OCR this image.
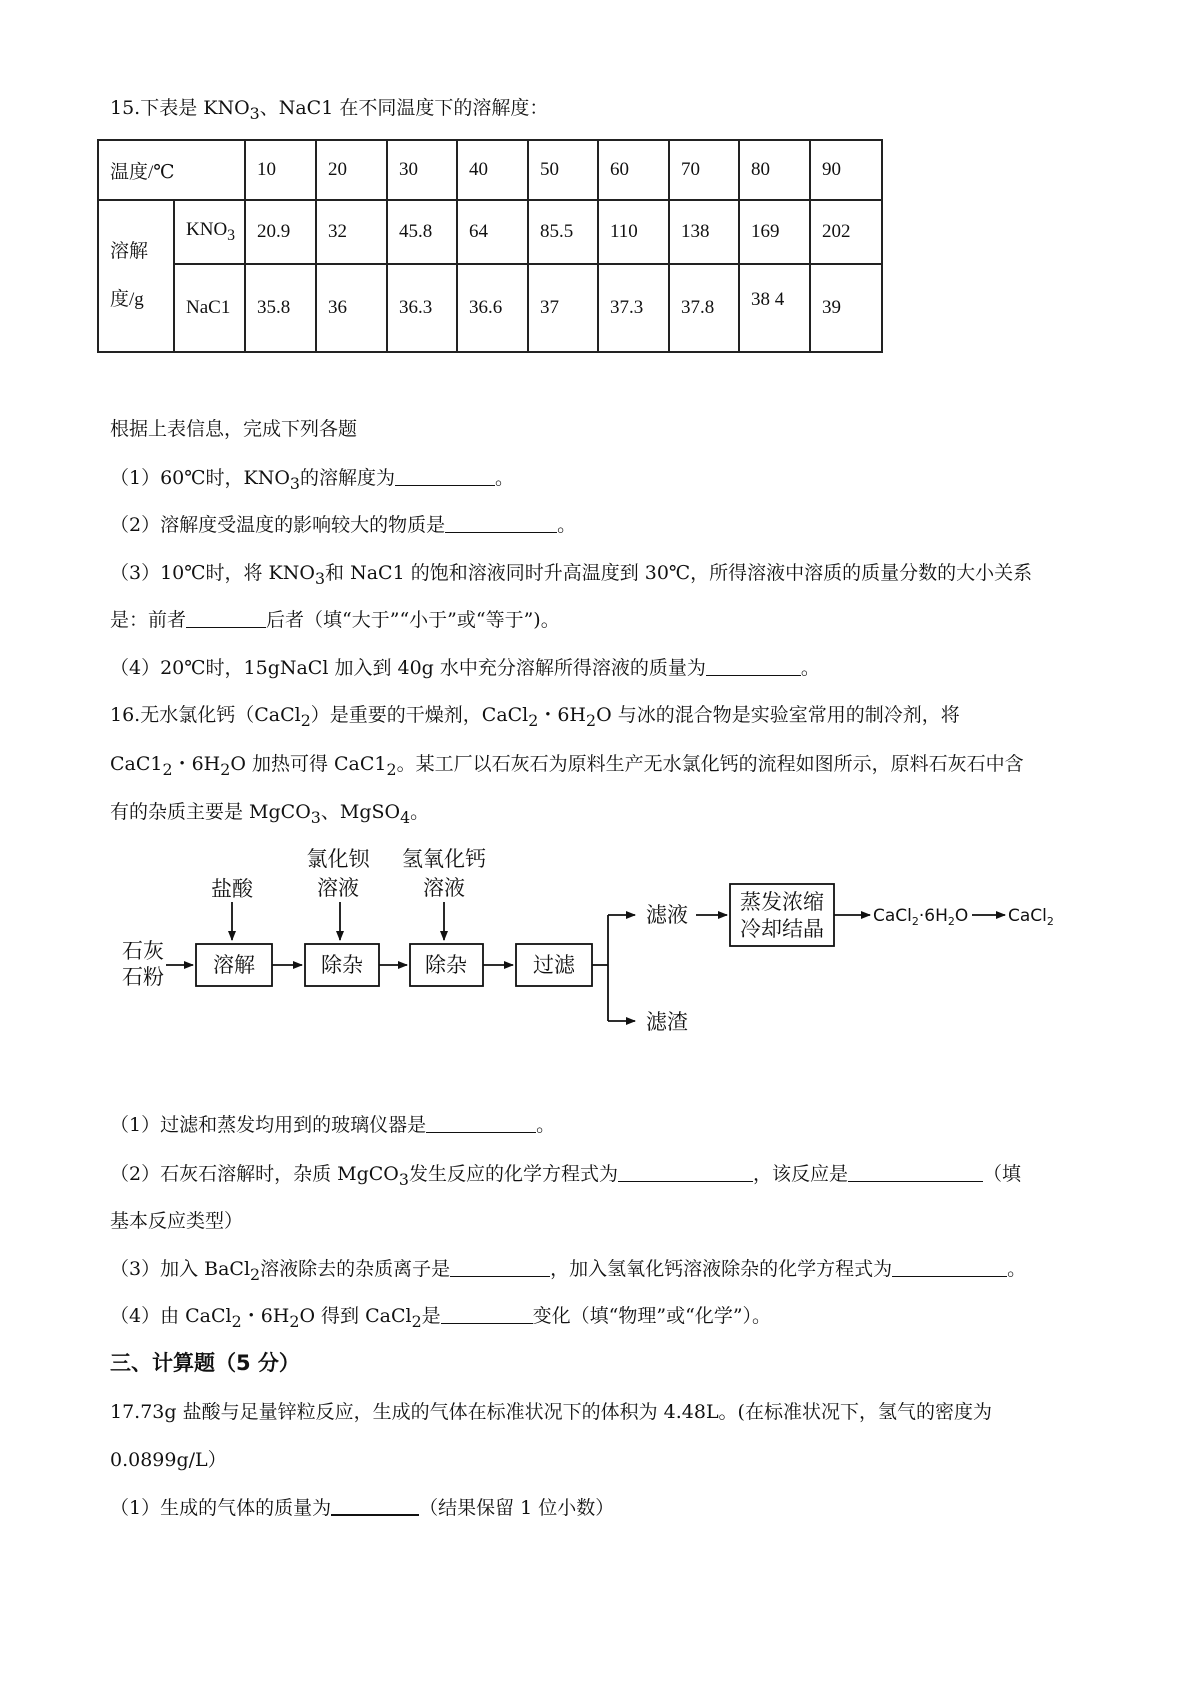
15.下表是 $KNO_3$、NaC1 在不同温度下的溶解度：
温度/℃		10	20	30	40	50	60	70	80	90
溶解
度/g	$KNO_3$	20.9	32	45.8	64	85.5	110	138	169	202
	NaC1	35.8	36	36.3	36.6	37	37.3	37.8	38 4	39
根据上表信息，完成下列各题
（1）60℃时，$KNO_3$的溶解度为	。
（2）溶解度受温度的影响较大的物质是	。
（3）10℃时，将 $KNO_3$和 NaC1 的饱和溶液同时升高温度到 30℃，所得溶液中溶质的质量分数的大小关系
是：前者	后者（填“大于”“小于”或“等于”)。
（4）20℃时，15gNaCl 加入到 40g 水中充分溶解所得溶液的质量为	。
16.无水氯化钙（CaCl$_2$）是重要的干燥剂，CaCl$_2$・$6H_2O$ 与冰的混合物是实验室常用的制冷剂，将
$CaC1_2$・$6H_2O$ 加热可得 $CaC1_2$。某工厂以石灰石为原料生产无水氯化钙的流程如图所示，原料石灰石中含
有的杂质主要是 MgCO$_3$、MgSO$_4$。
石灰
石粉
盐酸
氯化钡
溶液
氢氧化钙
溶液
溶解	除杂	除杂	过滤
滤液
滤渣
蒸发浓缩
冷却结晶
$CaCl_2\cdot 6H_2O$ CaCl$_2$
（1）过滤和蒸发均用到的玻璃仪器是	。
（2）石灰石溶解时，杂质 MgCO$_3$发生反应的化学方程式为	，该反应是	（填
基本反应类型）
（3）加入 BaCl$_2$溶液除去的杂质离子是	，加入氢氧化钙溶液除杂的化学方程式为	。
（4）由 CaCl$_2$・$6H_2O$ 得到 CaCl$_2$是	变化（填“物理”或“化学”）。
三、计算题（5 分）
17.73g 盐酸与足量锌粒反应，生成的气体在标准状况下的体积为 4.48L。(在标准状况下，氢气的密度为
0.0899g/L）
（1）生成的气体的质量为	（结果保留 1 位小数）
